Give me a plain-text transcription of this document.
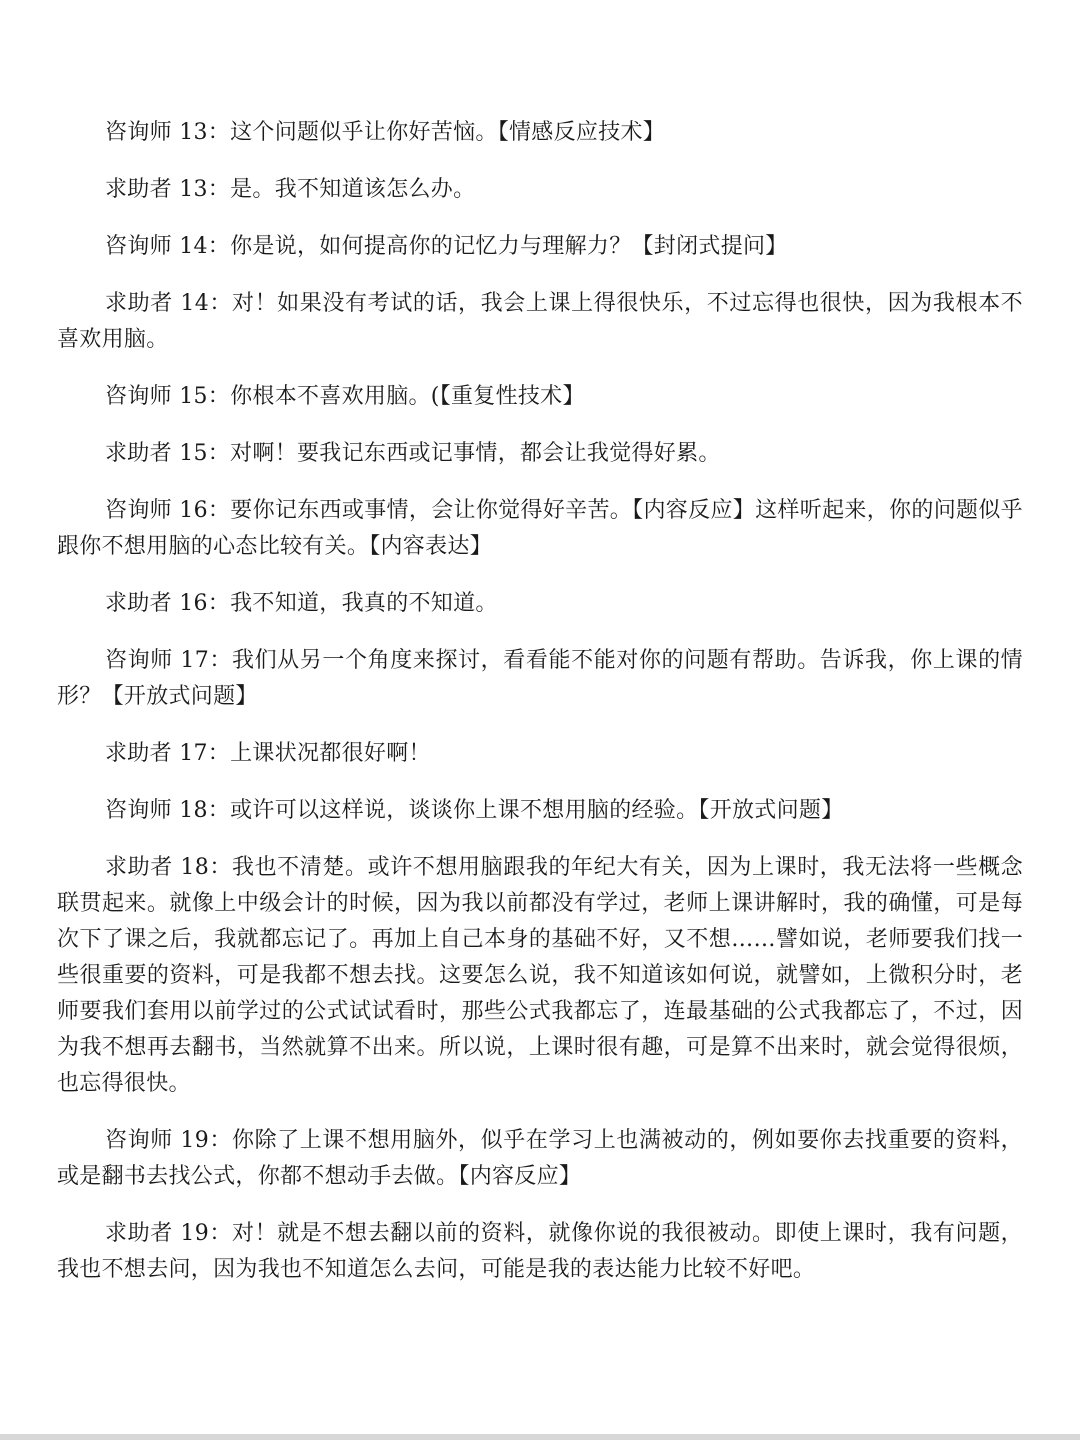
咨询师 13：这个问题似乎让你好苦恼。【情感反应技术】

求助者 13：是。我不知道该怎么办。

咨询师 14：你是说，如何提高你的记忆力与理解力？【封闭式提问】

求助者 14：对！如果没有考试的话，我会上课上得很快乐，不过忘得也很快，因为我根本不喜欢用脑。

咨询师 15：你根本不喜欢用脑。(【重复性技术】

求助者 15：对啊！要我记东西或记事情，都会让我觉得好累。

咨询师 16：要你记东西或事情，会让你觉得好辛苦。【内容反应】这样听起来，你的问题似乎跟你不想用脑的心态比较有关。【内容表达】

求助者 16：我不知道，我真的不知道。

咨询师 17：我们从另一个角度来探讨，看看能不能对你的问题有帮助。告诉我，你上课的情形？【开放式问题】

求助者 17：上课状况都很好啊！

咨询师 18：或许可以这样说，谈谈你上课不想用脑的经验。【开放式问题】

求助者 18：我也不清楚。或许不想用脑跟我的年纪大有关，因为上课时，我无法将一些概念联贯起来。就像上中级会计的时候，因为我以前都没有学过，老师上课讲解时，我的确懂，可是每次下了课之后，我就都忘记了。再加上自己本身的基础不好，又不想……譬如说，老师要我们找一些很重要的资料，可是我都不想去找。这要怎么说，我不知道该如何说，就譬如，上微积分时，老师要我们套用以前学过的公式试试看时，那些公式我都忘了，连最基础的公式我都忘了，不过，因为我不想再去翻书，当然就算不出来。所以说，上课时很有趣，可是算不出来时，就会觉得很烦，也忘得很快。

咨询师 19：你除了上课不想用脑外，似乎在学习上也满被动的，例如要你去找重要的资料，或是翻书去找公式，你都不想动手去做。【内容反应】

求助者 19：对！就是不想去翻以前的资料，就像你说的我很被动。即使上课时，我有问题，我也不想去问，因为我也不知道怎么去问，可能是我的表达能力比较不好吧。
